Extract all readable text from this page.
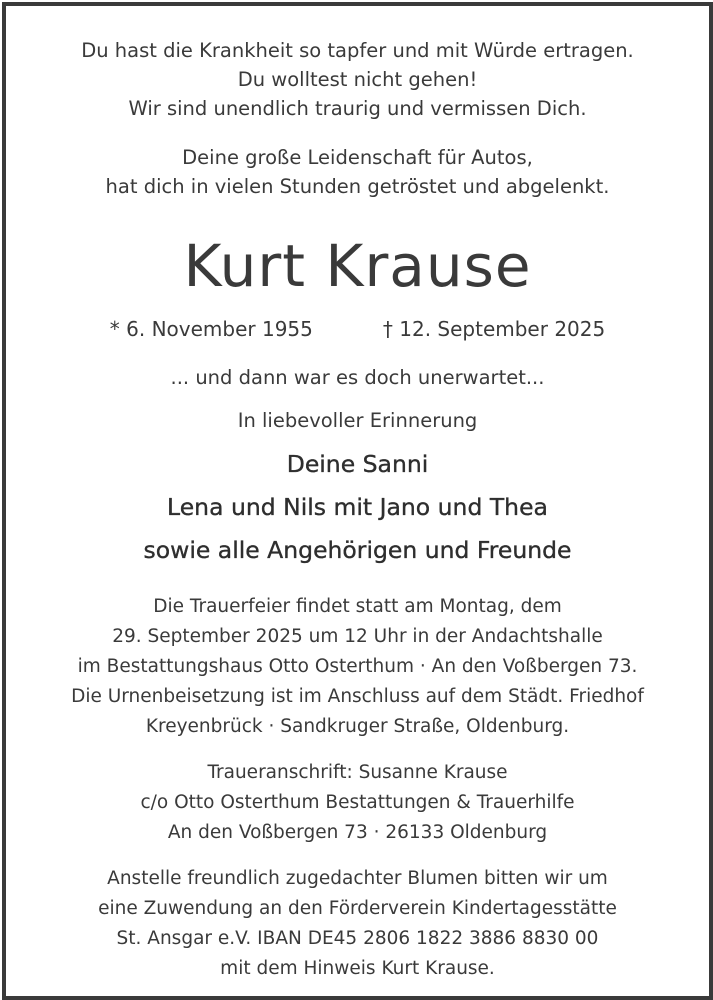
Du hast die Krankheit so tapfer und mit Würde ertragen.
Du wolltest nicht gehen!
Wir sind unendlich traurig und vermissen Dich.
Deine große Leidenschaft für Autos,
hat dich in vielen Stunden getröstet und abgelenkt.
Kurt Krause
* 6. November 1955	† 12. September 2025
... und dann war es doch unerwartet...
In liebevoller Erinnerung
Deine Sanni
Lena und Nils mit Jano und Thea
sowie alle Angehörigen und Freunde
Die Trauerfeier findet statt am Montag, dem
29. September 2025 um 12 Uhr in der Andachtshalle
im Bestattungshaus Otto Osterthum · An den Voßbergen 73.
Die Urnenbeisetzung ist im Anschluss auf dem Städt. Friedhof
Kreyenbrück · Sandkruger Straße, Oldenburg.
Traueranschrift: Susanne Krause
c/o Otto Osterthum Bestattungen & Trauerhilfe
An den Voßbergen 73 · 26133 Oldenburg
Anstelle freundlich zugedachter Blumen bitten wir um
eine Zuwendung an den Förderverein Kindertagesstätte
St. Ansgar e.V. IBAN DE45 2806 1822 3886 8830 00
mit dem Hinweis Kurt Krause.
